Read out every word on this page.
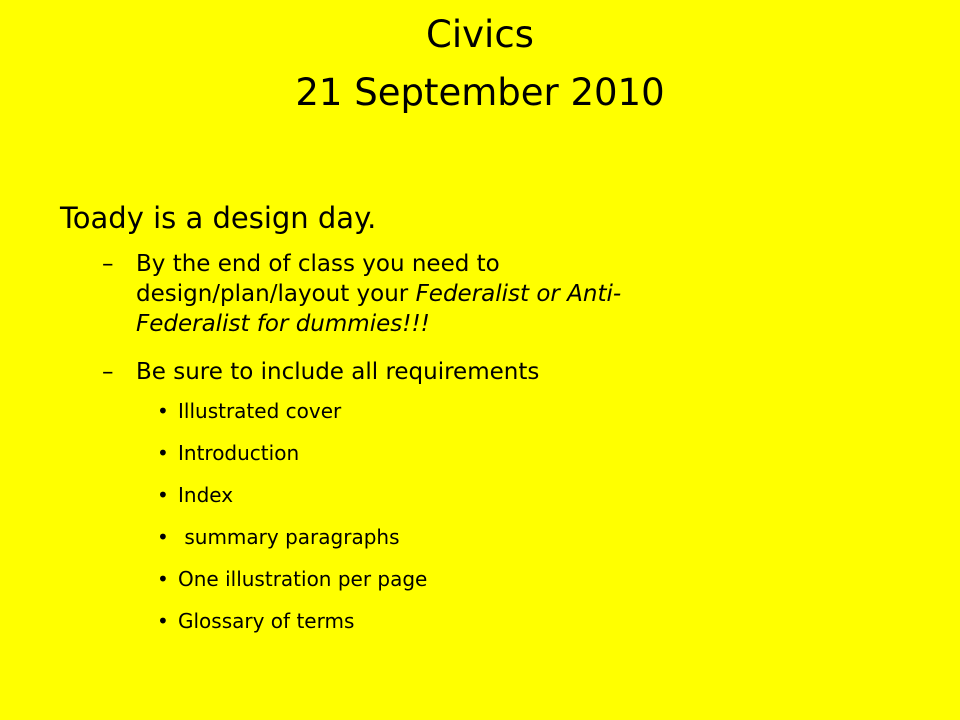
Civics
21 September 2010
Toady is a design day.
– By the end of class you need to
design/plan/layout your Federalist or Anti-
Federalist for dummies!!!
– Be sure to include all requirements
• Illustrated cover
• Introduction
• Index
• summary paragraphs
• One illustration per page
• Glossary of terms
